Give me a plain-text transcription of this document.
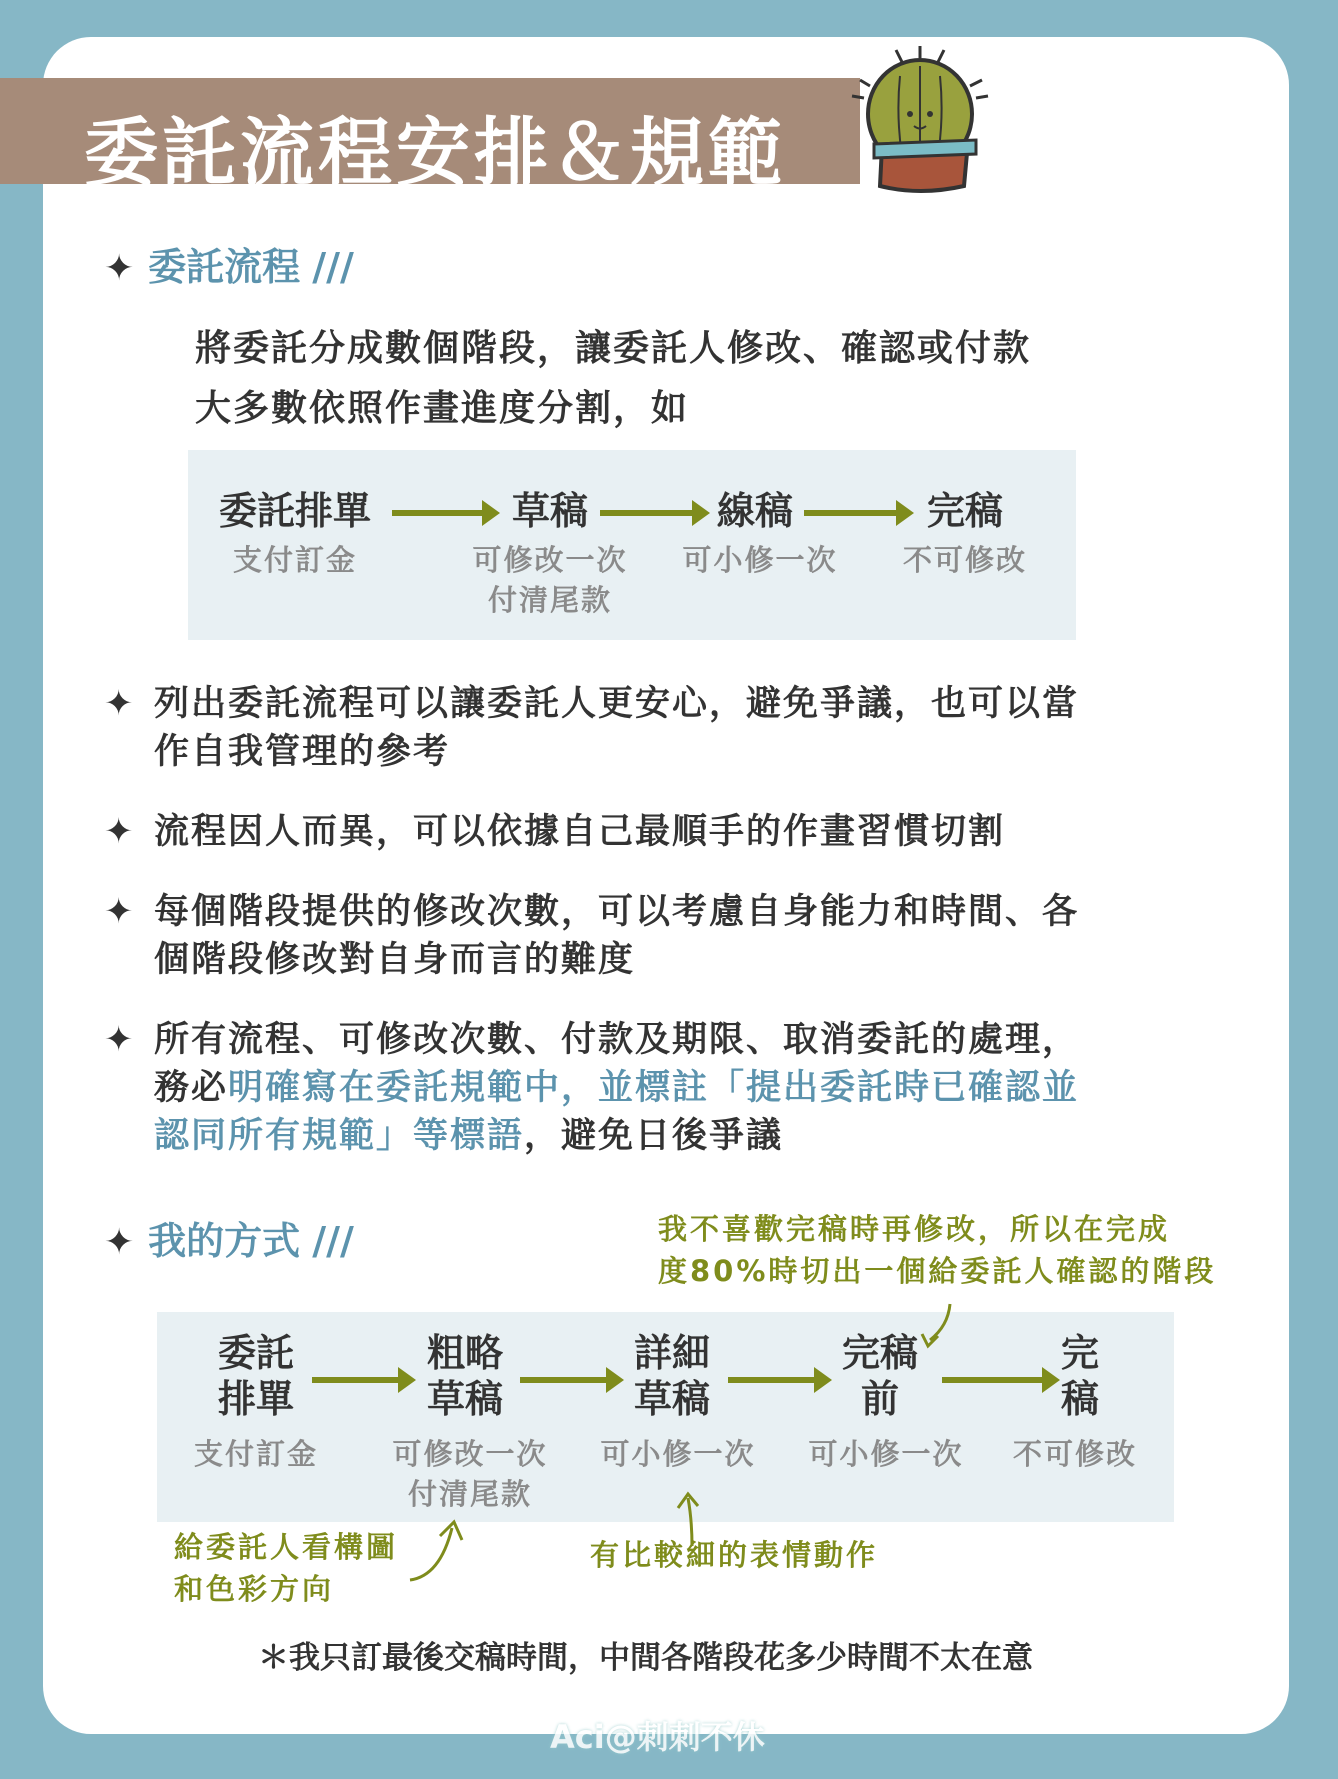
委託流程安排＆規範
✦ 委託流程 ///
將委託分成數個階段，讓委託人修改、確認或付款
大多數依照作畫進度分割，如
委託排單
支付訂金
草稿
可修改一次
付清尾款
線稿
可小修一次
完稿
不可修改
✦ 列出委託流程可以讓委託人更安心，避免爭議，也可以當
作自我管理的參考
✦ 流程因人而異，可以依據自己最順手的作畫習慣切割
✦ 每個階段提供的修改次數，可以考慮自身能力和時間、各
個階段修改對自身而言的難度
✦ 所有流程、可修改次數、付款及期限、取消委託的處理，
務必明確寫在委託規範中，並標註「提出委託時已確認並
認同所有規範」等標語，避免日後爭議
✦ 我的方式 ///	我不喜歡完稿時再修改，所以在完成
度80%時切出一個給委託人確認的階段
委託
排單
支付訂金
粗略
草稿
可修改一次
付清尾款
詳細
草稿
可小修一次
完稿
前
可小修一次
完
稿
不可修改
給委託人看構圖
和色彩方向
有比較細的表情動作
＊我只訂最後交稿時間，中間各階段花多少時間不太在意
Aci@刺刺不休
